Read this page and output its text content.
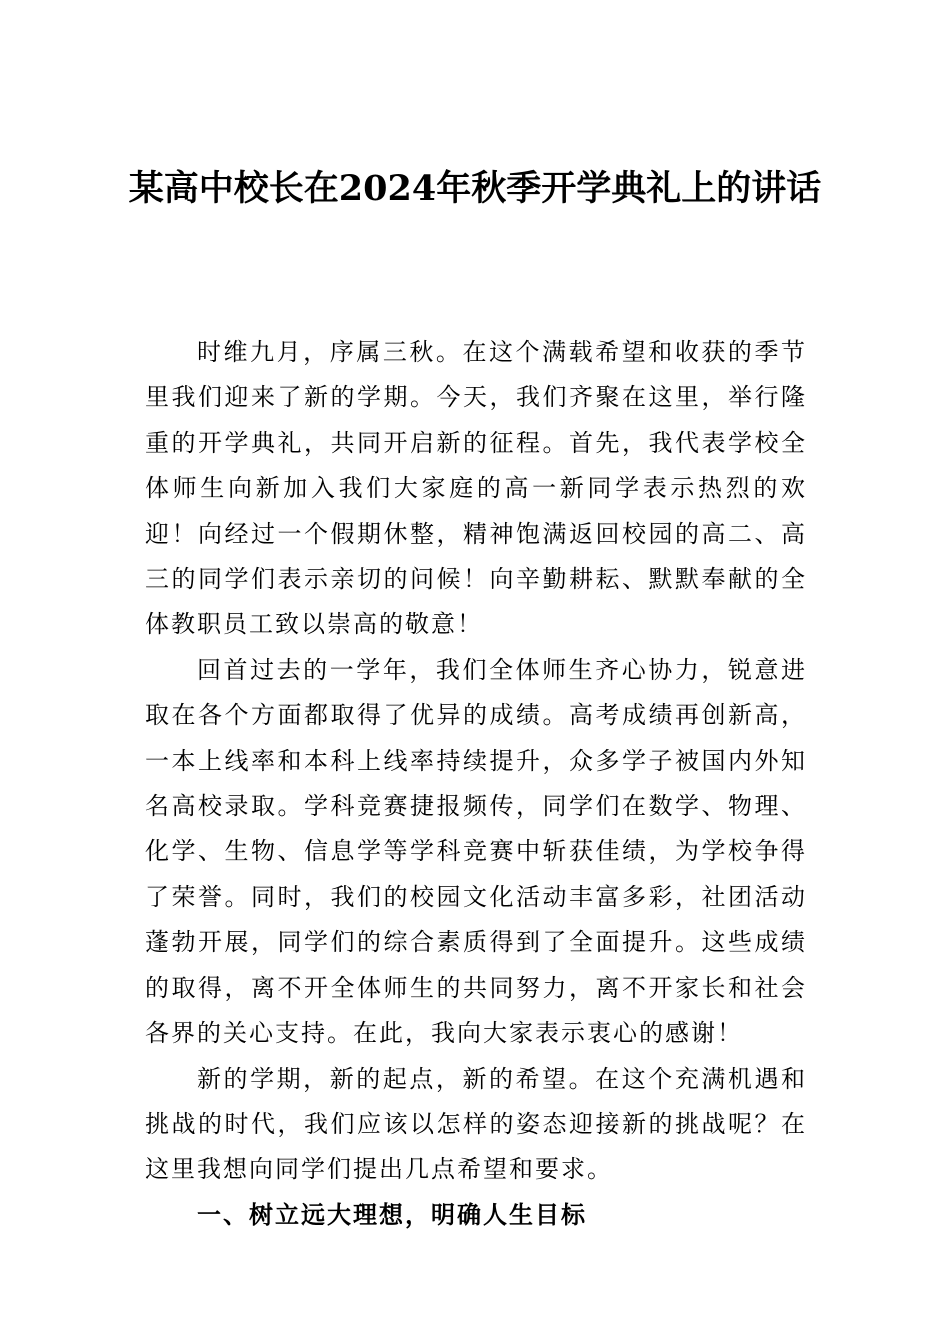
某高中校长在2024年秋季开学典礼上的讲话

时维九月，序属三秋。在这个满载希望和收获的季节里我们迎来了新的学期。今天，我们齐聚在这里，举行隆重的开学典礼，共同开启新的征程。首先，我代表学校全体师生向新加入我们大家庭的高一新同学表示热烈的欢迎！向经过一个假期休整，精神饱满返回校园的高二、高三的同学们表示亲切的问候！向辛勤耕耘、默默奉献的全体教职员工致以崇高的敬意！

回首过去的一学年，我们全体师生齐心协力，锐意进取在各个方面都取得了优异的成绩。高考成绩再创新高，一本上线率和本科上线率持续提升，众多学子被国内外知名高校录取。学科竞赛捷报频传，同学们在数学、物理、化学、生物、信息学等学科竞赛中斩获佳绩，为学校争得了荣誉。同时，我们的校园文化活动丰富多彩，社团活动蓬勃开展，同学们的综合素质得到了全面提升。这些成绩的取得，离不开全体师生的共同努力，离不开家长和社会各界的关心支持。在此，我向大家表示衷心的感谢！

新的学期，新的起点，新的希望。在这个充满机遇和挑战的时代，我们应该以怎样的姿态迎接新的挑战呢？在这里我想向同学们提出几点希望和要求。

一、树立远大理想，明确人生目标
